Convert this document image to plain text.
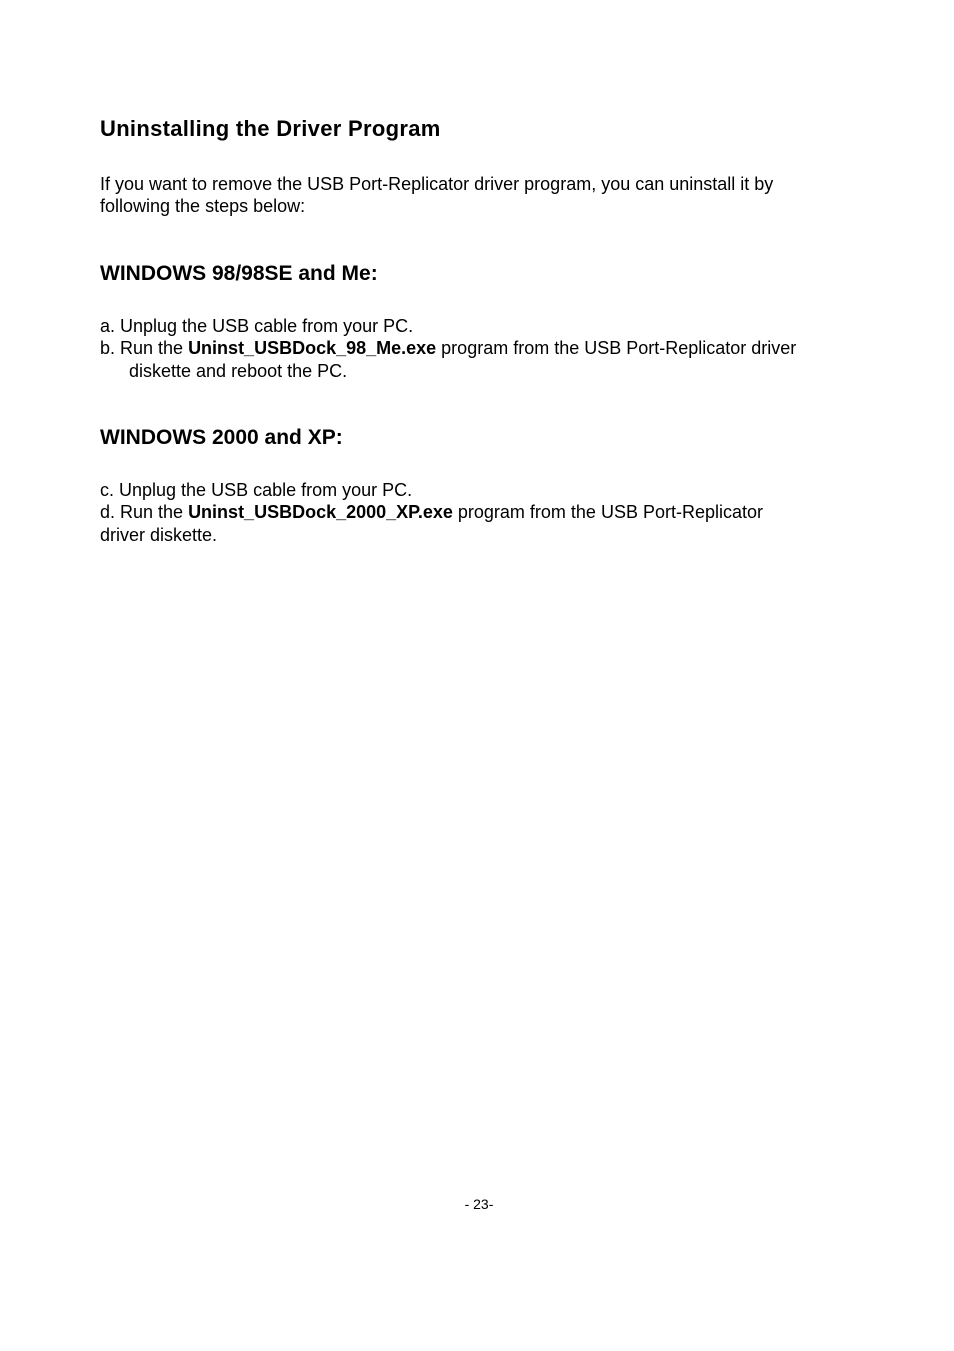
Uninstalling the Driver Program
If you want to remove the USB Port-Replicator driver program, you can uninstall it by
following the steps below:
WINDOWS 98/98SE and Me:
a. Unplug the USB cable from your PC.
b. Run the Uninst_USBDock_98_Me.exe program from the USB Port-Replicator driver
diskette and reboot the PC.
WINDOWS 2000 and XP:
c. Unplug the USB cable from your PC.
d. Run the Uninst_USBDock_2000_XP.exe program from the USB Port-Replicator
driver diskette.
- 23-
